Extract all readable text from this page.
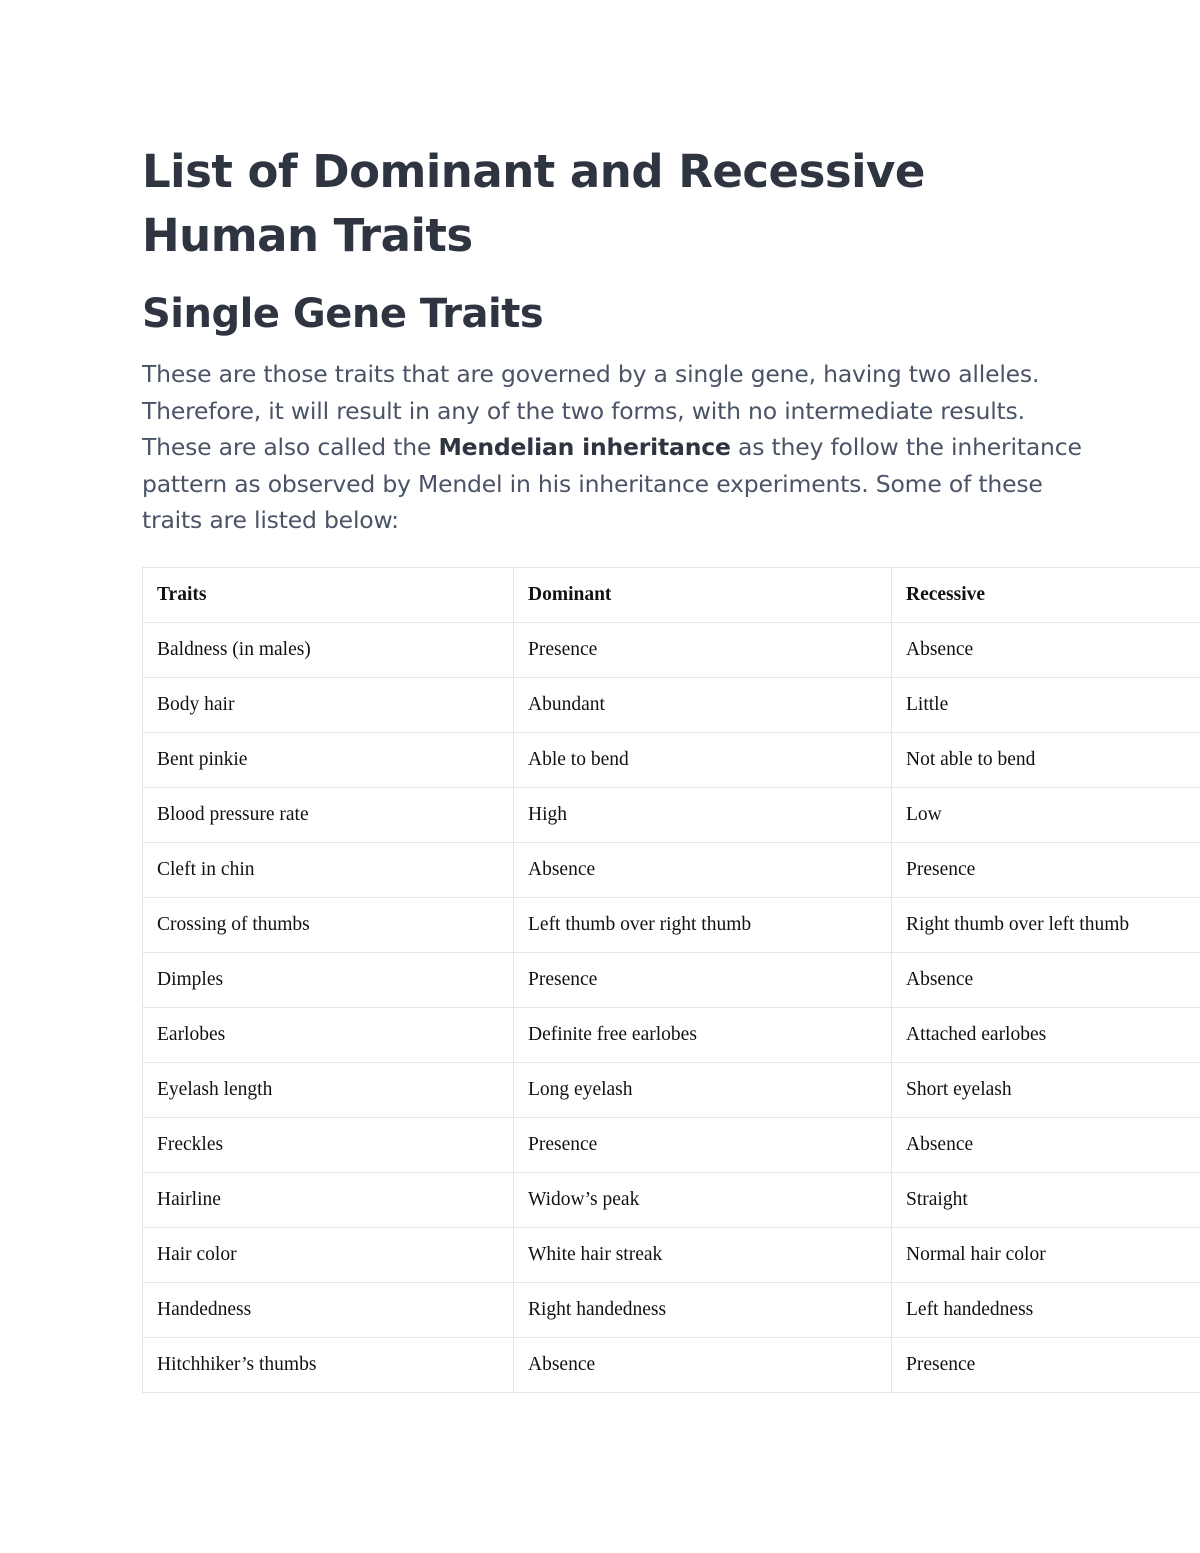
List of Dominant and Recessive Human Traits
Single Gene Traits

These are those traits that are governed by a single gene, having two alleles. Therefore, it will result in any of the two forms, with no intermediate results. These are also called the Mendelian inheritance as they follow the inheritance pattern as observed by Mendel in his inheritance experiments. Some of these traits are listed below:

Traits	Dominant	Recessive
Baldness (in males)	Presence	Absence
Body hair	Abundant	Little
Bent pinkie	Able to bend	Not able to bend
Blood pressure rate	High	Low
Cleft in chin	Absence	Presence
Crossing of thumbs	Left thumb over right thumb	Right thumb over left thumb
Dimples	Presence	Absence
Earlobes	Definite free earlobes	Attached earlobes
Eyelash length	Long eyelash	Short eyelash
Freckles	Presence	Absence
Hairline	Widow’s peak	Straight
Hair color	White hair streak	Normal hair color
Handedness	Right handedness	Left handedness
Hitchhiker’s thumbs	Absence	Presence
